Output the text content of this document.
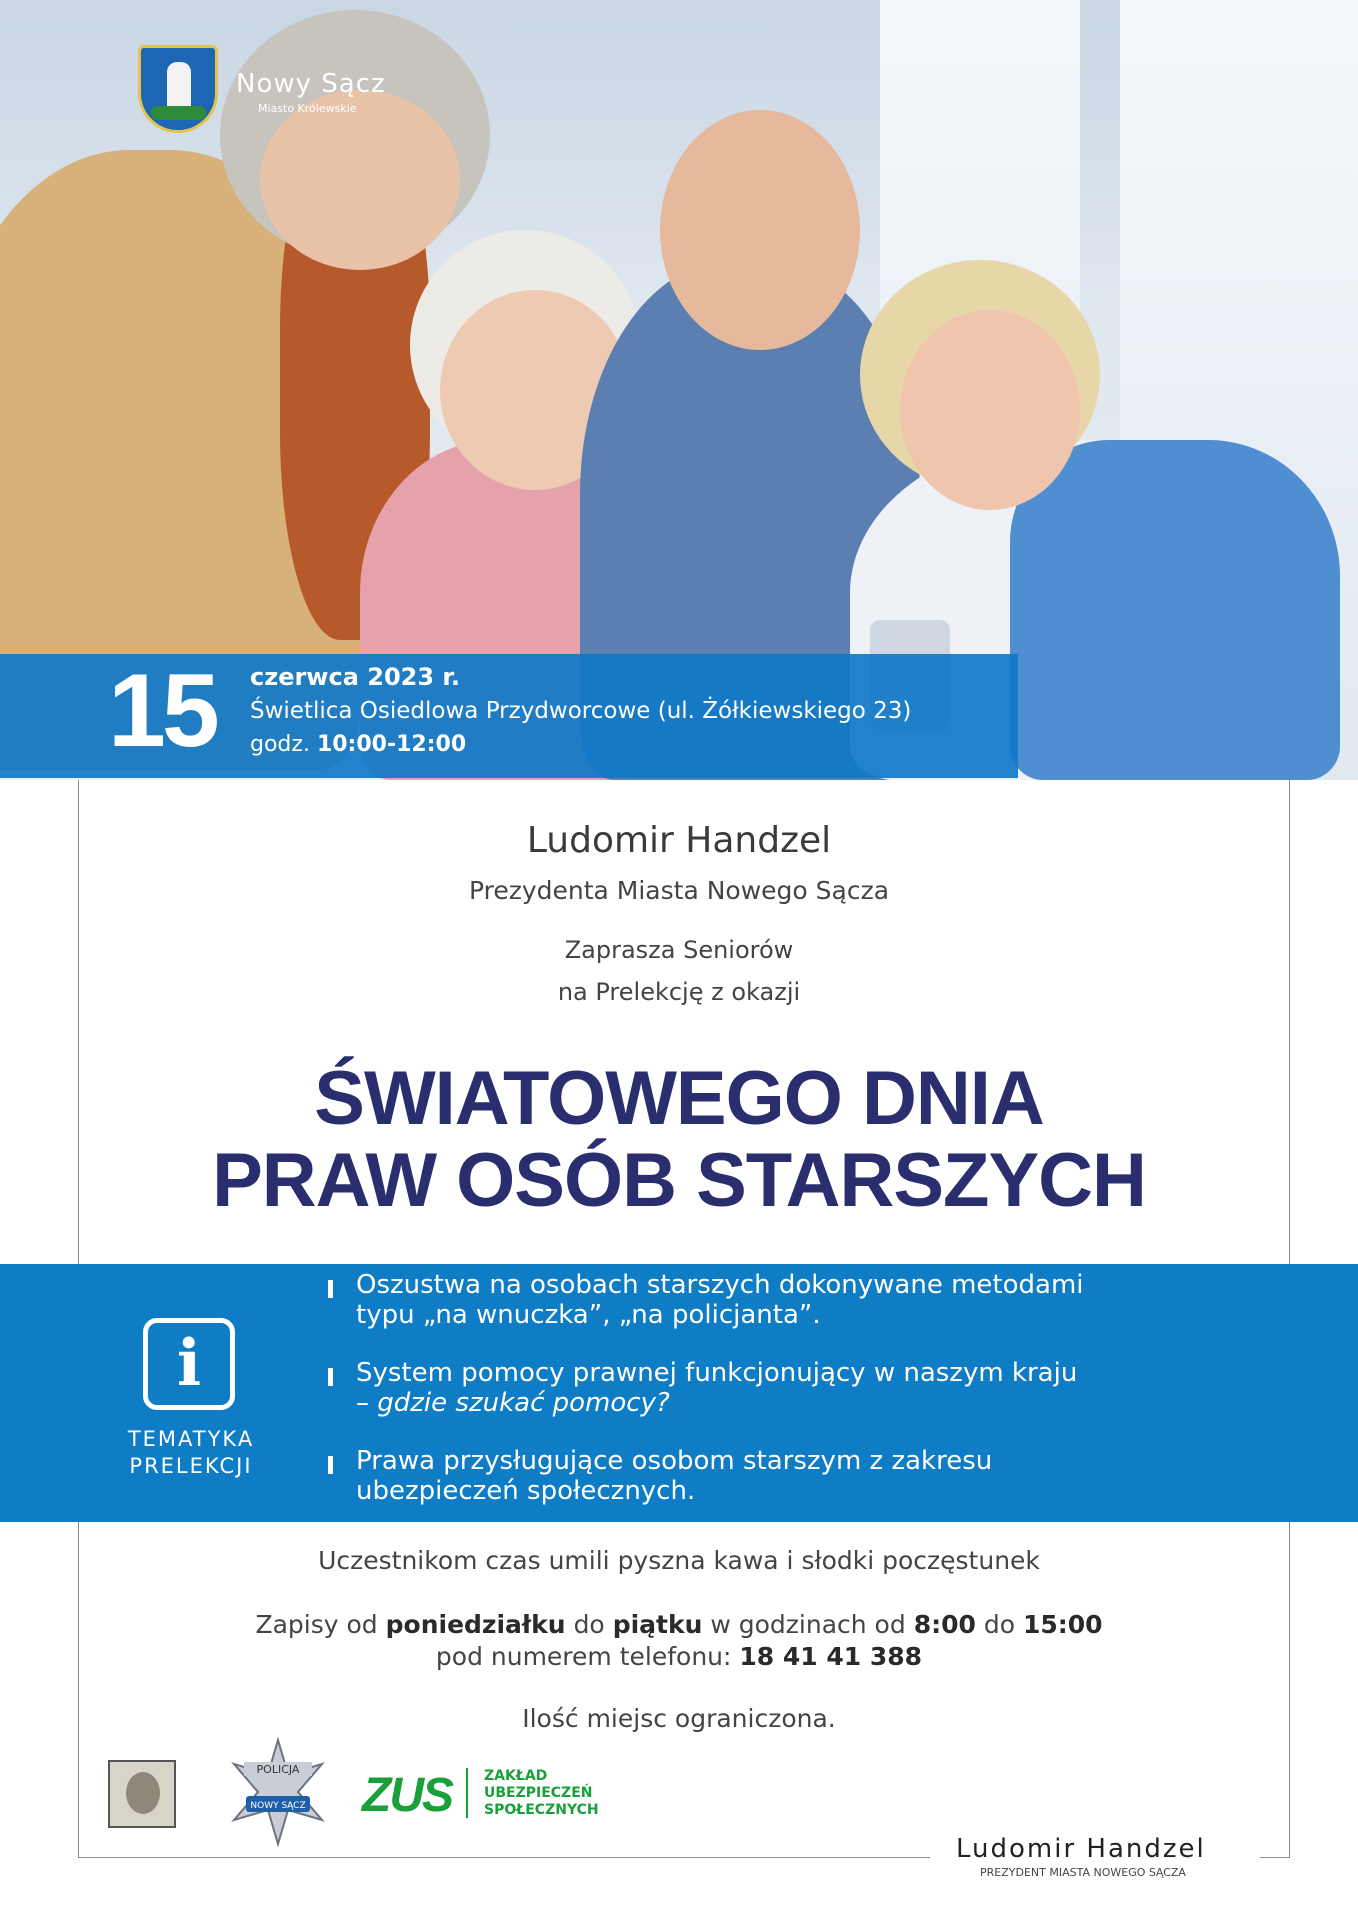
Nowy Sącz
Miasto Królewskie
15 czerwca 2023 r.
Świetlica Osiedlowa Przydworcowe (ul. Żółkiewskiego 23)
godz. 10:00-12:00
Ludomir Handzel
Prezydenta Miasta Nowego Sącza
Zaprasza Seniorów
na Prelekcję z okazji
ŚWIATOWEGO DNIA
PRAW OSÓB STARSZYCH
i
TEMATYKA
PRELEKCJI
Oszustwa na osobach starszych dokonywane metodami
typu „na wnuczka”, „na policjanta”.
System pomocy prawnej funkcjonujący w naszym kraju
– gdzie szukać pomocy?
Prawa przysługujące osobom starszym z zakresu
ubezpieczeń społecznych.
Uczestnikom czas umili pyszna kawa i słodki poczęstunek
Zapisy od poniedziałku do piątku w godzinach od 8:00 do 15:00
pod numerem telefonu: 18 41 41 388
Ilość miejsc ograniczona.
POLICJA
NOWY SĄCZ ZUS ZAKŁAD
UBEZPIECZEŃ
SPOŁECZNYCH
Ludomir Handzel
PREZYDENT MIASTA NOWEGO SĄCZA
